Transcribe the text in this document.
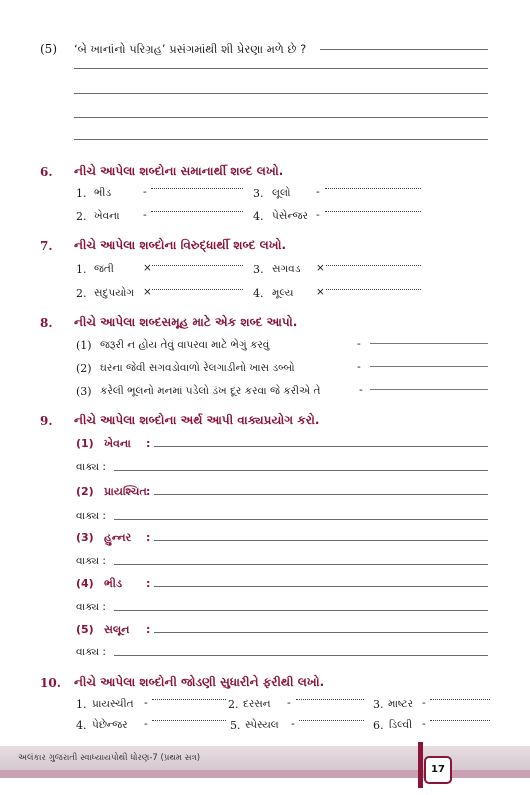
(5) ‘બે ખાનાંનો પરિગ્રહ’ પ્રસંગમાંથી શી પ્રેરણા મળે છે ?
6. નીચે આપેલા શબ્દોના સમાનાર્થી શબ્દ લખો.
1. ભીડ	-	3. લૂલો -
2. ખેવના -	4. પેસેન્જર -
7. નીચે આપેલા શબ્દોના વિરુદ્ધાર્થી શબ્દ લખો.
1. જતી	×	3. સગવડ ×
2. સદુપયોગ ×	4. મૂલ્ય ×
8. નીચે આપેલા શબ્દસમૂહ માટે એક શબ્દ આપો.
(1) જરૂરી ન હોય તેવું વાપરવા માટે ભેગું કરવું	-
(2) ઘરના જેવી સગવડોવાળો રેલગાડીનો ખાસ ડબ્બો	-
(3) કરેલી ભૂલનો મનમાં પડેલો ડંખ દૂર કરવા જે કરીએ તે	-
9. નીચે આપેલા શબ્દોના અર્થ આપી વાક્યપ્રયોગ કરો.
(1) ખેવના :
વાક્ય :
(2) પ્રાયશ્ચિત :
વાક્ય :
(3) હુન્નર :
વાક્ય :
(4) ભીડ :
વાક્ય :
(5) સલૂન :
વાક્ય :
10. નીચે આપેલા શબ્દોની જોડણી સુધારીને ફરીથી લખો.
1. પ્રાયસ્ચીત -	2. દરસન -	3. માષ્ટર -
4. પેછેન્જર -	5. સ્પેસ્યલ -	6. ડિલ્વી -
અલંકાર ગુજરાતી સ્વાધ્યાયપોથી ધોરણ-7 (પ્રથમ સત્ર)
17
